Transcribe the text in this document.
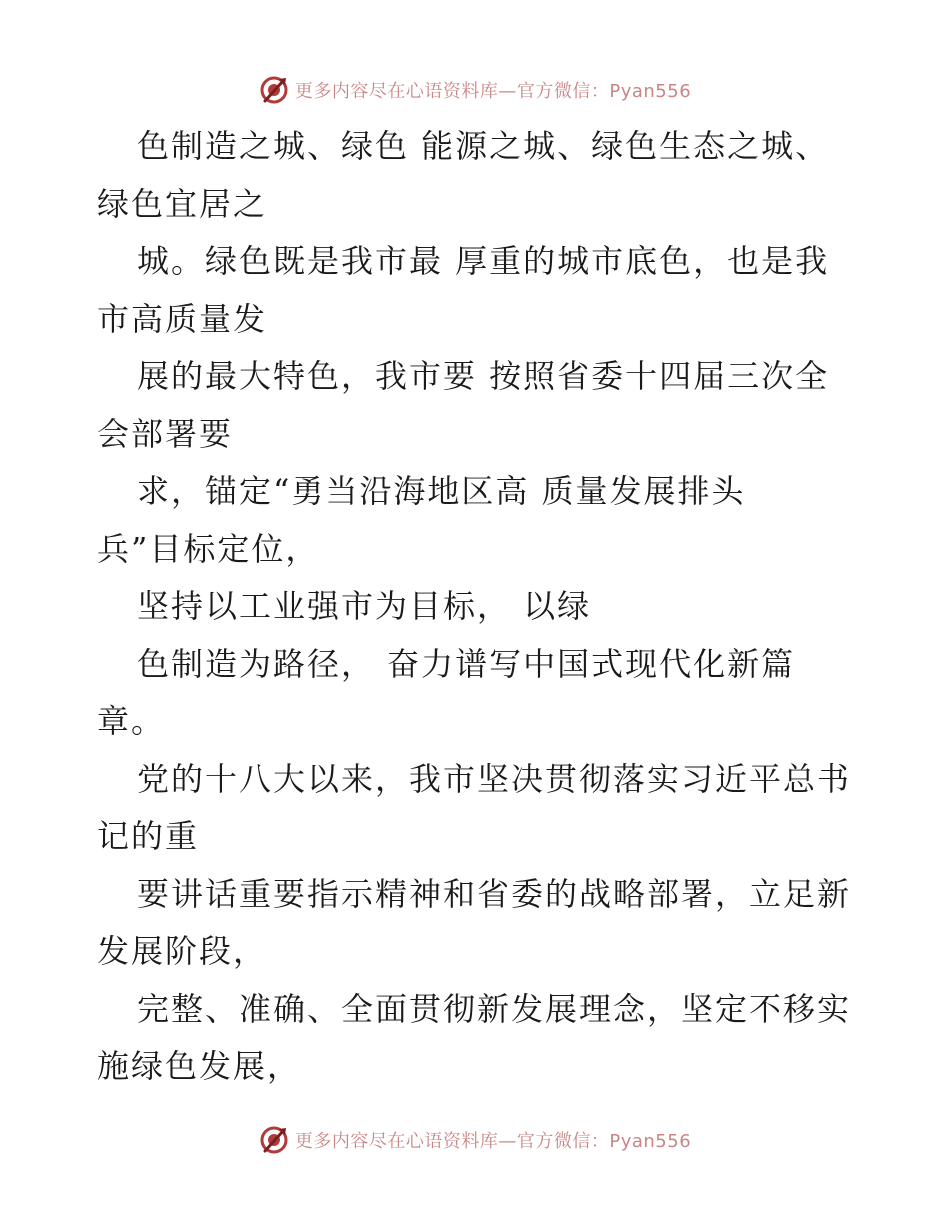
更多内容尽在心语资料库—官方微信：Pyan556
色制造之城、绿色 能源之城、绿色生态之城、
绿色宜居之
城。绿色既是我市最 厚重的城市底色，也是我
市高质量发
展的最大特色，我市要 按照省委十四届三次全
会部署要
求，锚定“勇当沿海地区高 质量发展排头
兵”目标定位，
坚持以工业强市为目标， 以绿
色制造为路径， 奋力谱写中国式现代化新篇
章。
党的十八大以来，我市坚决贯彻落实习近平总书
记的重
要讲话重要指示精神和省委的战略部署，立足新
发展阶段，
完整、准确、全面贯彻新发展理念，坚定不移实
施绿色发展，
更多内容尽在心语资料库—官方微信：Pyan556
